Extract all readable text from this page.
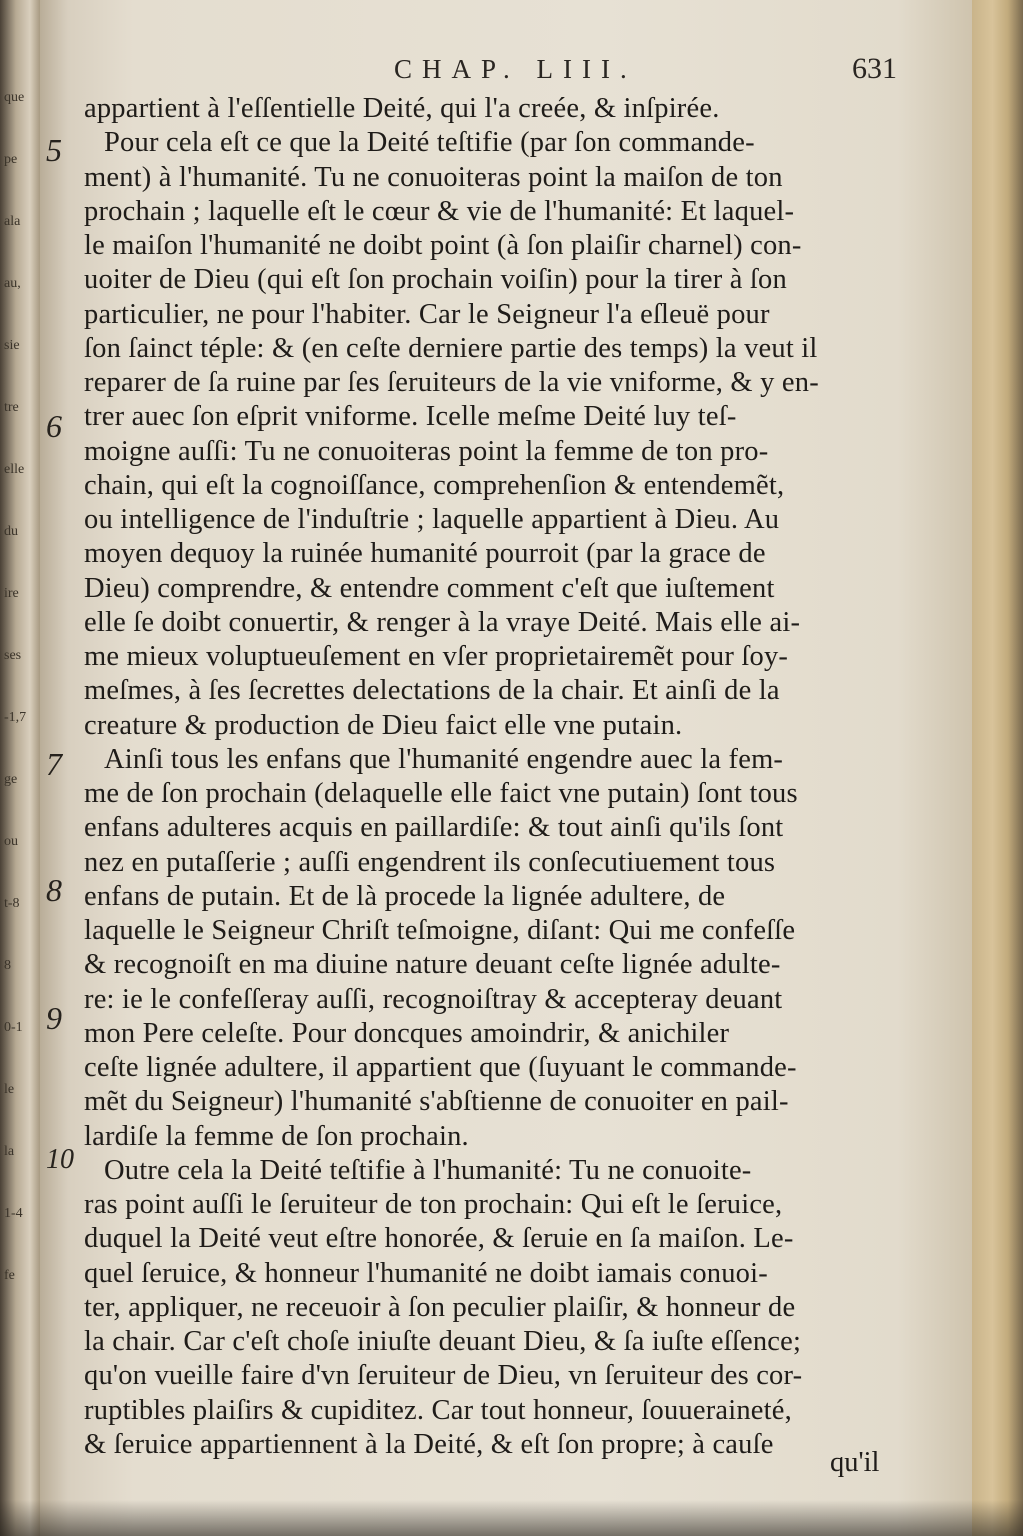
que
pe
ala
au,
sie
tre
elle
du
ire
ses
-1,7
ge
ou
t-8
8
0-1
le
la
1-4
fe
CHAP. LIII.	631
appartient à l'eſſentielle Deité, qui l'a creée, & inſpirée.
Pour cela eſt ce que la Deité teſtifie (par ſon commande-
ment) à l'humanité. Tu ne conuoiteras point la maiſon de ton
prochain ; laquelle eſt le cœur & vie de l'humanité: Et laquel-
le maiſon l'humanité ne doibt point (à ſon plaiſir charnel) con-
uoiter de Dieu (qui eſt ſon prochain voiſin) pour la tirer à ſon
particulier, ne pour l'habiter. Car le Seigneur l'a eſleuë pour
ſon ſainct téple: & (en ceſte derniere partie des temps) la veut il
reparer de ſa ruine par ſes ſeruiteurs de la vie vniforme, & y en-
trer auec ſon eſprit vniforme. Icelle meſme Deité luy teſ-
moigne auſſi: Tu ne conuoiteras point la femme de ton pro-
chain, qui eſt la cognoiſſance, comprehenſion & entendemẽt,
ou intelligence de l'induſtrie ; laquelle appartient à Dieu. Au
moyen dequoy la ruinée humanité pourroit (par la grace de
Dieu) comprendre, & entendre comment c'eſt que iuſtement
elle ſe doibt conuertir, & renger à la vraye Deité. Mais elle ai-
me mieux voluptueuſement en vſer proprietairemẽt pour ſoy-
meſmes, à ſes ſecrettes delectations de la chair. Et ainſi de la
creature & production de Dieu faict elle vne putain.
Ainſi tous les enfans que l'humanité engendre auec la fem-
me de ſon prochain (delaquelle elle faict vne putain) ſont tous
enfans adulteres acquis en paillardiſe: & tout ainſi qu'ils ſont
nez en putaſſerie ; auſſi engendrent ils conſecutiuement tous
enfans de putain. Et de là procede la lignée adultere, de
laquelle le Seigneur Chriſt teſmoigne, diſant: Qui me confeſſe
& recognoiſt en ma diuine nature deuant ceſte lignée adulte-
re: ie le confeſſeray auſſi, recognoiſtray & accepteray deuant
mon Pere celeſte. Pour doncques amoindrir, & anichiler
ceſte lignée adultere, il appartient que (ſuyuant le commande-
mẽt du Seigneur) l'humanité s'abſtienne de conuoiter en pail-
lardiſe la femme de ſon prochain.
Outre cela la Deité teſtifie à l'humanité: Tu ne conuoite-
ras point auſſi le ſeruiteur de ton prochain: Qui eſt le ſeruice,
duquel la Deité veut eſtre honorée, & ſeruie en ſa maiſon. Le-
quel ſeruice, & honneur l'humanité ne doibt iamais conuoi-
ter, appliquer, ne receuoir à ſon peculier plaiſir, & honneur de
la chair. Car c'eſt choſe iniuſte deuant Dieu, & ſa iuſte eſſence;
qu'on vueille faire d'vn ſeruiteur de Dieu, vn ſeruiteur des cor-
ruptibles plaiſirs & cupiditez. Car tout honneur, ſouueraineté,
& ſeruice appartiennent à la Deité, & eſt ſon propre; à cauſe
5
6
7
8
9
10
qu'il
